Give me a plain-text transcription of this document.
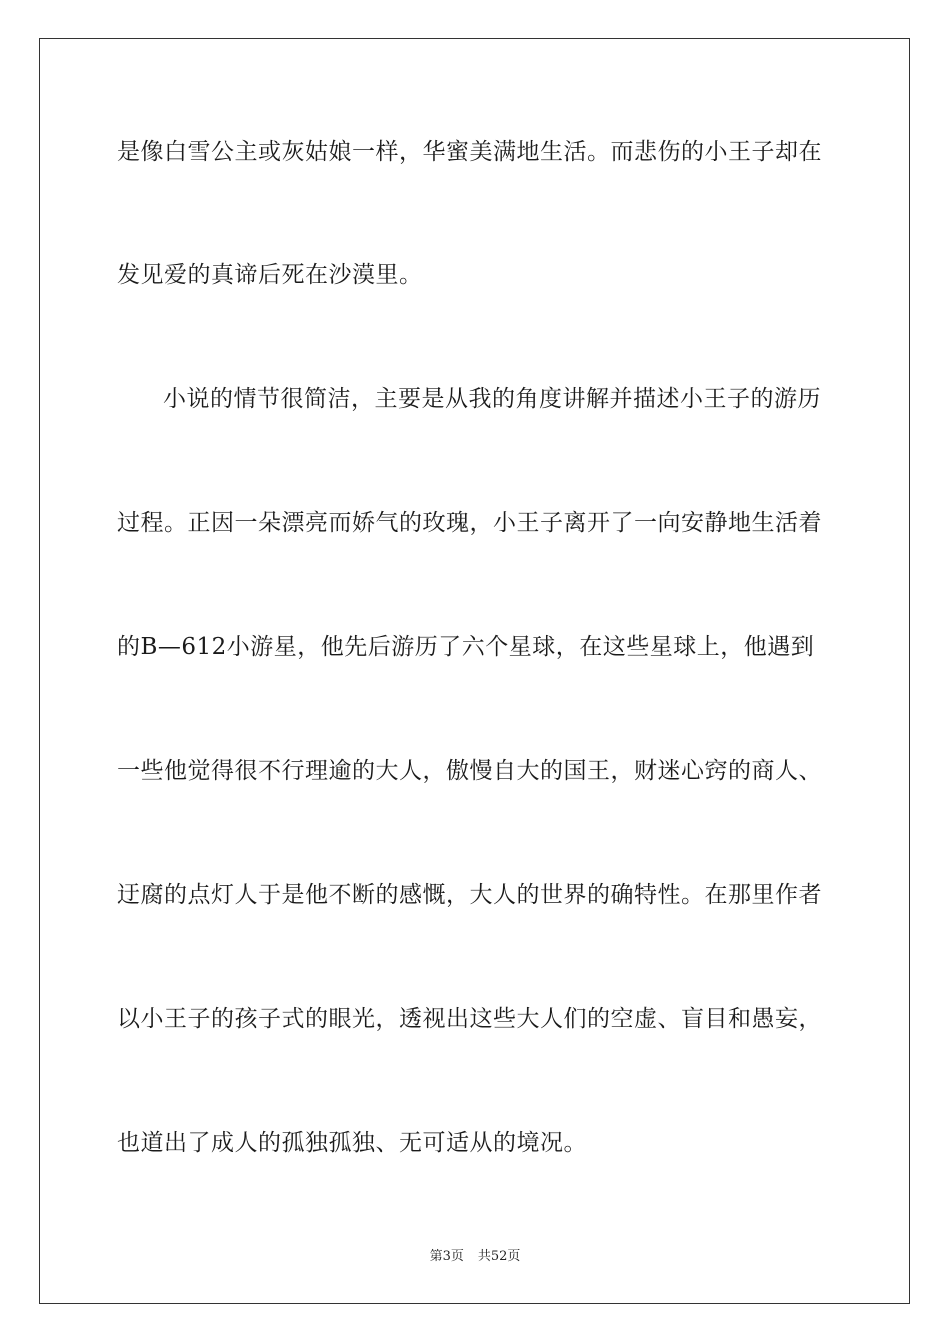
是像白雪公主或灰姑娘一样，华蜜美满地生活。而悲伤的小王子却在
发见爱的真谛后死在沙漠里。
小说的情节很简洁，主要是从我的角度讲解并描述小王子的游历
过程。正因一朵漂亮而娇气的玫瑰，小王子离开了一向安静地生活着
的B—612小游星，他先后游历了六个星球，在这些星球上，他遇到
一些他觉得很不行理逾的大人，傲慢自大的国王，财迷心窍的商人、
迂腐的点灯人于是他不断的感慨，大人的世界的确特性。在那里作者
以小王子的孩子式的眼光，透视出这些大人们的空虚、盲目和愚妄，
也道出了成人的孤独孤独、无可适从的境况。
第3页 共52页
